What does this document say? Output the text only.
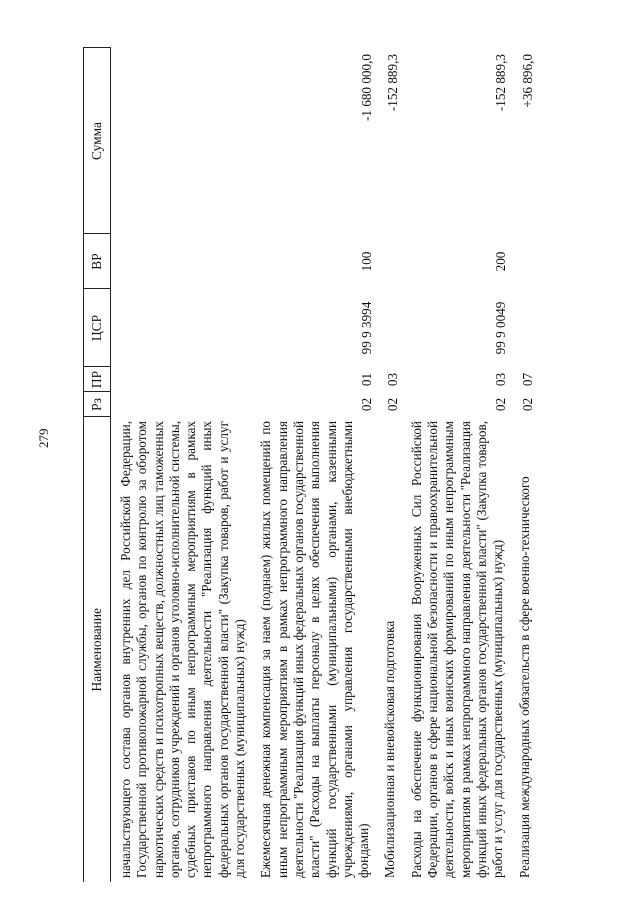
279
Наименование	Рз	ПР	ЦСР	ВР	Сумма
начальствующего состава органов внутренних дел Российской Федерации, Государственной противопожарной службы, органов по контролю за оборотом наркотических средств и психотропных веществ, должностных лиц таможенных органов, сотрудников учреждений и органов уголовно-исполнительной системы, судебных приставов по иным непрограммным мероприятиям в рамках непрограммного направления деятельности "Реализация функций иных федеральных органов государственной власти" (Закупка товаров, работ и услуг для государственных (муниципальных) нужд)					
Ежемесячная денежная компенсация за наем (поднаем) жилых помещений по иным непрограммным мероприятиям в рамках непрограммного направления деятельности "Реализация функций иных федеральных органов государственной власти" (Расходы на выплаты персоналу в целях обеспечения выполнения функций государственными (муниципальными) органами, казенными учреждениями, органами управления государственными внебюджетными фондами)	02	01	99 9 3994	100	-1 680 000,0
Мобилизационная и вневойсковая подготовка	02	03			-152 889,3
Расходы на обеспечение функционирования Вооруженных Сил Российской Федерации, органов в сфере национальной безопасности и правоохранительной деятельности, войск и иных воинских формирований по иным непрограммным мероприятиям в рамках непрограммного направления деятельности "Реализация функций иных федеральных органов государственной власти" (Закупка товаров, работ и услуг для государственных (муниципальных) нужд)	02	03	99 9 0049	200	-152 889,3
Реализация международных обязательств в сфере военно-технического	02	07			+36 896,0
